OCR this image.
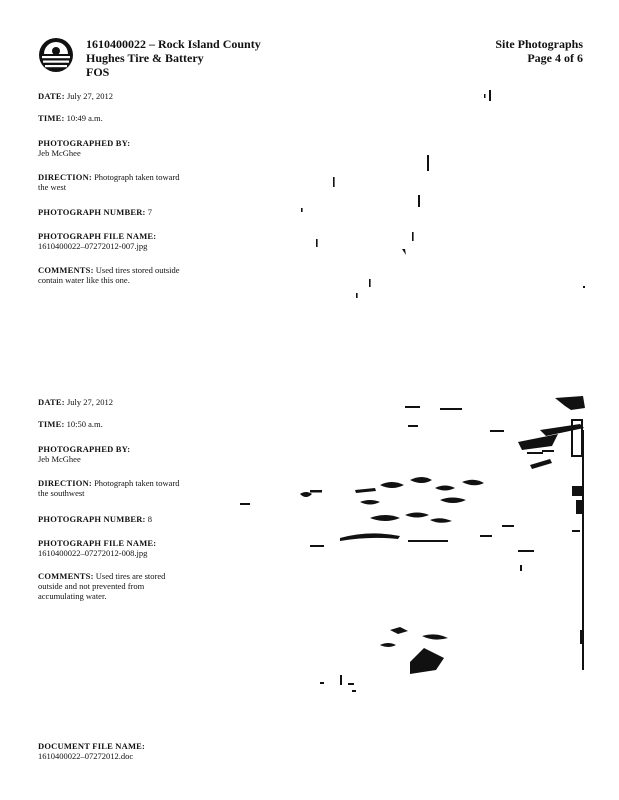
1610400022 – Rock Island County
Hughes Tire & Battery
FOS
Site Photographs
Page 4 of 6
DATE: July 27, 2012
TIME: 10:49 a.m.
PHOTOGRAPHED BY:
Jeb McGhee
DIRECTION: Photograph taken toward the west
PHOTOGRAPH NUMBER: 7
PHOTOGRAPH FILE NAME:
1610400022–07272012-007.jpg
COMMENTS: Used tires stored outside contain water like this one.
DATE: July 27, 2012
TIME: 10:50 a.m.
PHOTOGRAPHED BY:
Jeb McGhee
DIRECTION: Photograph taken toward the southwest
PHOTOGRAPH NUMBER: 8
PHOTOGRAPH FILE NAME:
1610400022–07272012-008.jpg
COMMENTS: Used tires are stored outside and not prevented from accumulating water.
DOCUMENT FILE NAME:
1610400022–07272012.doc
